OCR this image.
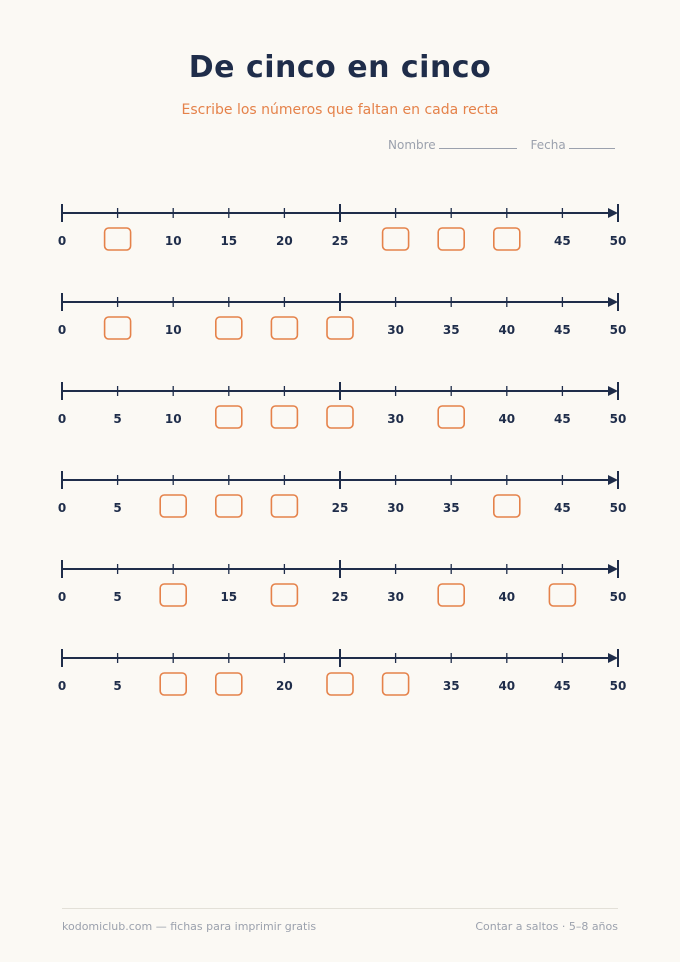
De cinco en cinco
Escribe los números que faltan en cada recta
Nombre	Fecha
0	10	15	20	25	45	50
0	10	30	35	40	45	50
0	5	10	30	40	45	50
0	5	25	30	35	45	50
0	5	15	25	30	40	50
0	5	20	35	40	45	50
kodomiclub.com — fichas para imprimir gratis	Contar a saltos · 5–8 años
